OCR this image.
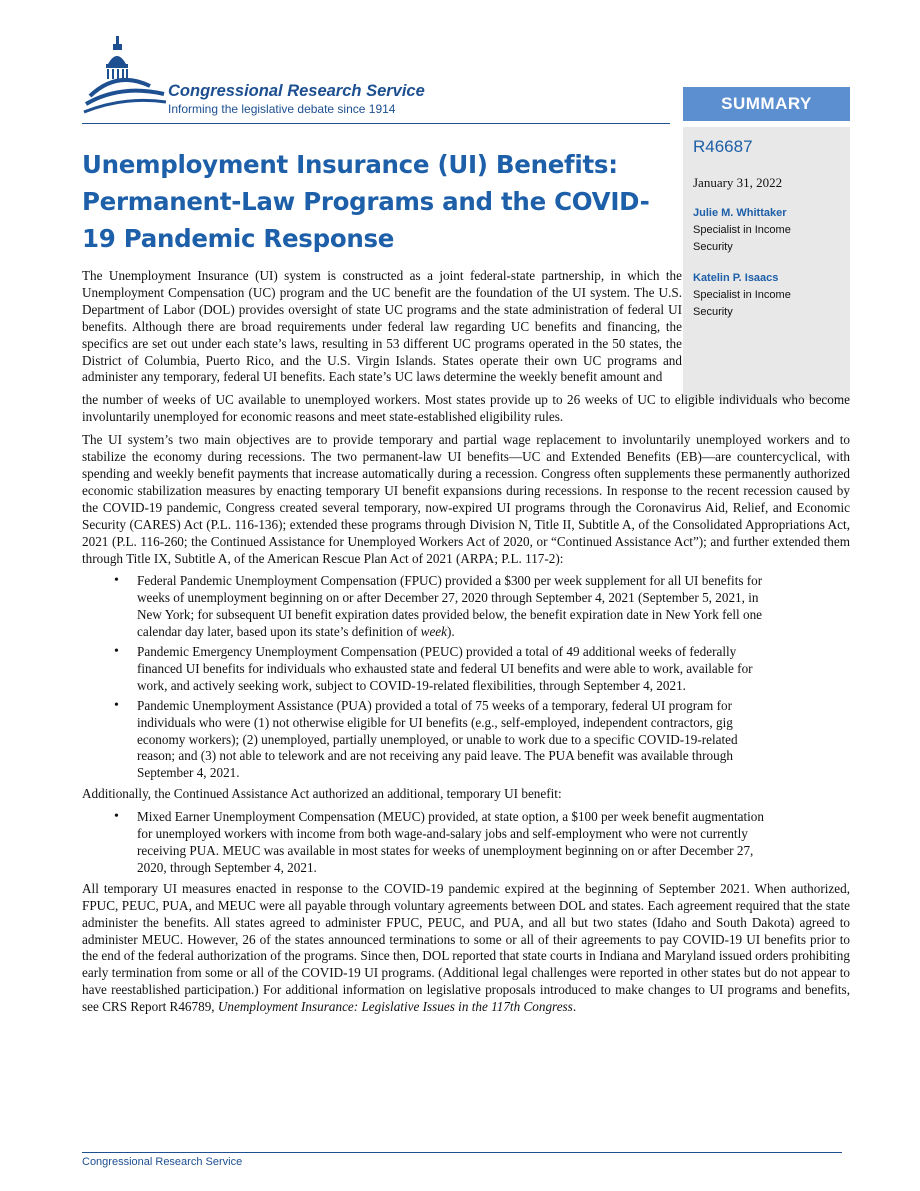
Congressional Research Service
Informing the legislative debate since 1914	SUMMARY
R46687
January 31, 2022
Julie M. Whittaker
Specialist in Income Security
Katelin P. Isaacs
Specialist in Income Security
Unemployment Insurance (UI) Benefits: Permanent-Law Programs and the COVID-19 Pandemic Response

The Unemployment Insurance (UI) system is constructed as a joint federal-state partnership, in which the Unemployment Compensation (UC) program and the UC benefit are the foundation of the UI system. The U.S. Department of Labor (DOL) provides oversight of state UC programs and the state administration of federal UI benefits. Although there are broad requirements under federal law regarding UC benefits and financing, the specifics are set out under each state’s laws, resulting in 53 different UC programs operated in the 50 states, the District of Columbia, Puerto Rico, and the U.S. Virgin Islands. States operate their own UC programs and administer any temporary, federal UI benefits. Each state’s UC laws determine the weekly benefit amount and

the number of weeks of UC available to unemployed workers. Most states provide up to 26 weeks of UC to eligible individuals who become involuntarily unemployed for economic reasons and meet state-established eligibility rules.

The UI system’s two main objectives are to provide temporary and partial wage replacement to involuntarily unemployed workers and to stabilize the economy during recessions. The two permanent-law UI benefits—UC and Extended Benefits (EB)—are countercyclical, with spending and weekly benefit payments that increase automatically during a recession. Congress often supplements these permanently authorized economic stabilization measures by enacting temporary UI benefit expansions during recessions. In response to the recent recession caused by the COVID-19 pandemic, Congress created several temporary, now-expired UI programs through the Coronavirus Aid, Relief, and Economic Security (CARES) Act (P.L. 116-136); extended these programs through Division N, Title II, Subtitle A, of the Consolidated Appropriations Act, 2021 (P.L. 116-260; the Continued Assistance for Unemployed Workers Act of 2020, or “Continued Assistance Act”); and further extended them through Title IX, Subtitle A, of the American Rescue Plan Act of 2021 (ARPA; P.L. 117-2):

• Federal Pandemic Unemployment Compensation (FPUC) provided a $300 per week supplement for all UI benefits for weeks of unemployment beginning on or after December 27, 2020 through September 4, 2021 (September 5, 2021, in New York; for subsequent UI benefit expiration dates provided below, the benefit expiration date in New York fell one calendar day later, based upon its state’s definition of week).
• Pandemic Emergency Unemployment Compensation (PEUC) provided a total of 49 additional weeks of federally financed UI benefits for individuals who exhausted state and federal UI benefits and were able to work, available for work, and actively seeking work, subject to COVID-19-related flexibilities, through September 4, 2021.
• Pandemic Unemployment Assistance (PUA) provided a total of 75 weeks of a temporary, federal UI program for individuals who were (1) not otherwise eligible for UI benefits (e.g., self-employed, independent contractors, gig economy workers); (2) unemployed, partially unemployed, or unable to work due to a specific COVID-19-related reason; and (3) not able to telework and are not receiving any paid leave. The PUA benefit was available through September 4, 2021.

Additionally, the Continued Assistance Act authorized an additional, temporary UI benefit:

• Mixed Earner Unemployment Compensation (MEUC) provided, at state option, a $100 per week benefit augmentation for unemployed workers with income from both wage-and-salary jobs and self-employment who were not currently receiving PUA. MEUC was available in most states for weeks of unemployment beginning on or after December 27, 2020, through September 4, 2021.

All temporary UI measures enacted in response to the COVID-19 pandemic expired at the beginning of September 2021. When authorized, FPUC, PEUC, PUA, and MEUC were all payable through voluntary agreements between DOL and states. Each agreement required that the state administer the benefits. All states agreed to administer FPUC, PEUC, and PUA, and all but two states (Idaho and South Dakota) agreed to administer MEUC. However, 26 of the states announced terminations to some or all of their agreements to pay COVID-19 UI benefits prior to the end of the federal authorization of the programs. Since then, DOL reported that state courts in Indiana and Maryland issued orders prohibiting early termination from some or all of the COVID-19 UI programs. (Additional legal challenges were reported in other states but do not appear to have reestablished participation.) For additional information on legislative proposals introduced to make changes to UI programs and benefits, see CRS Report R46789, Unemployment Insurance: Legislative Issues in the 117th Congress.

Congressional Research Service
